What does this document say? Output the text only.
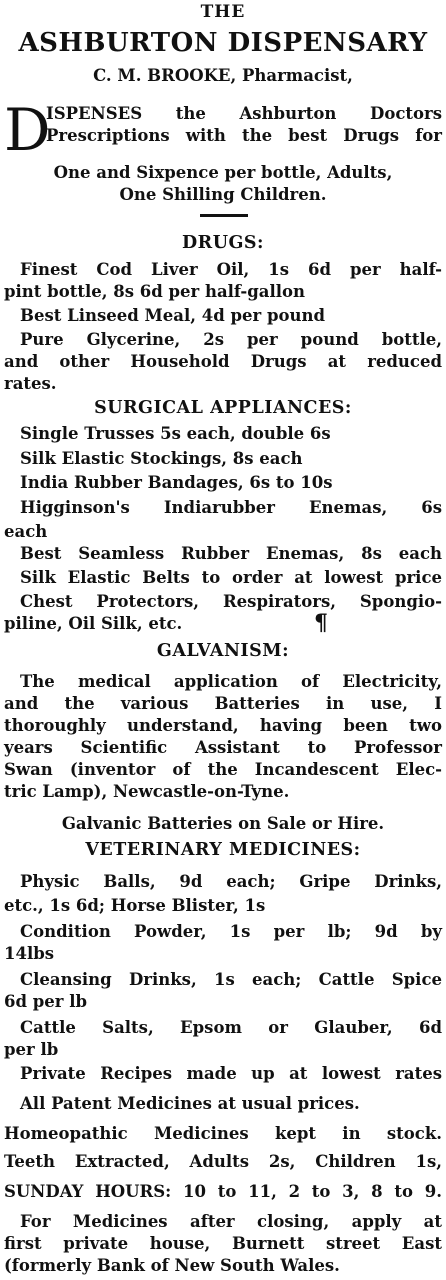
THE
ASHBURTON DISPENSARY
C. M. BROOKE, Pharmacist,
D
ISPENSES the Ashburton Doctors
Prescriptions with the best Drugs for
One and Sixpence per bottle, Adults,
One Shilling Children.
DRUGS:
Finest Cod Liver Oil, 1s 6d per half-
pint bottle, 8s 6d per half-gallon
Best Linseed Meal, 4d per pound
Pure Glycerine, 2s per pound bottle,
and other Household Drugs at reduced
rates.
SURGICAL APPLIANCES:
Single Trusses 5s each, double 6s
Silk Elastic Stockings, 8s each
India Rubber Bandages, 6s to 10s
Higginson's Indiarubber Enemas, 6s
each
Best Seamless Rubber Enemas, 8s each
Silk Elastic Belts to order at lowest price
Chest Protectors, Respirators, Spongio-
piline, Oil Silk, etc.	¶
GALVANISM:
The medical application of Electricity,
and the various Batteries in use, I
thoroughly understand, having been two
years Scientific Assistant to Professor
Swan (inventor of the Incandescent Elec-
tric Lamp), Newcastle-on-Tyne.
Galvanic Batteries on Sale or Hire.
VETERINARY MEDICINES:
Physic Balls, 9d each; Gripe Drinks,
etc., 1s 6d; Horse Blister, 1s
Condition Powder, 1s per lb; 9d by
14lbs
Cleansing Drinks, 1s each; Cattle Spice
6d per lb
Cattle Salts, Epsom or Glauber, 6d
per lb
Private Recipes made up at lowest rates
All Patent Medicines at usual prices.
Homeopathic Medicines kept in stock.
Teeth Extracted, Adults 2s, Children 1s,
SUNDAY HOURS: 10 to 11, 2 to 3, 8 to 9.
For Medicines after closing, apply at
first private house, Burnett street East
(formerly Bank of New South Wales.
